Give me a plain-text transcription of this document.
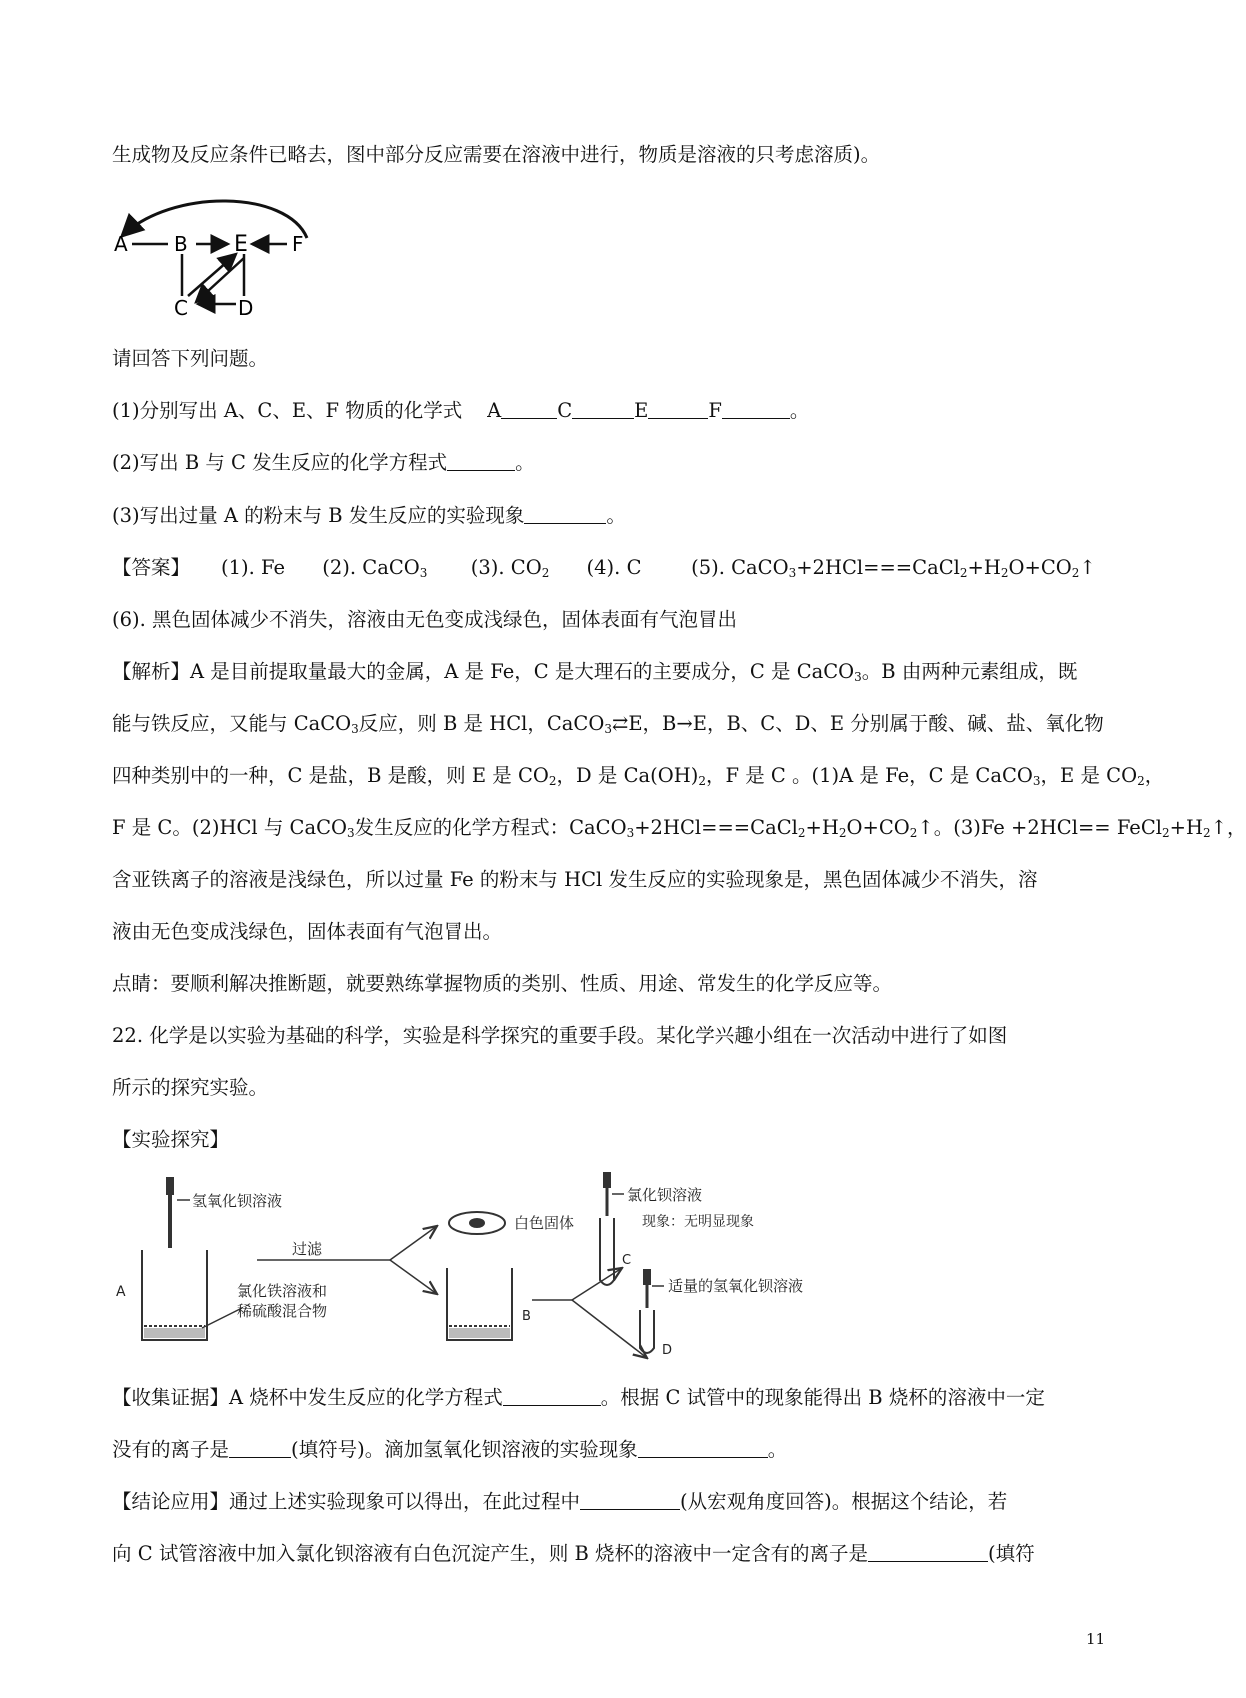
生成物及反应条件已略去，图中部分反应需要在溶液中进行，物质是溶液的只考虑溶质)。
A B E F
C	D
请回答下列问题。
(1)分别写出 A、C、E、F 物质的化学式 A	C	E	F	。
(2)写出 B 与 C 发生反应的化学方程式	。
(3)写出过量 A 的粉末与 B 发生反应的实验现象	。
【答案】 (1). Fe (2). CaCO$_3$ (3). $CO_2$ (4). C	(5). $CaCO_3+2HCl===CaCl_2+H_2O+CO_2↑$
(6). 黑色固体减少不消失，溶液由无色变成浅绿色，固体表面有气泡冒出
【解析】A 是目前提取量最大的金属，A 是 Fe，C 是大理石的主要成分，C 是 CaCO$_3$。B 由两种元素组成，既
能与铁反应，又能与 CaCO$_3$反应，则 B 是 HCl，CaCO$_3$⇄E，B→E，B、C、D、E 分别属于酸、碱、盐、氧化物
四种类别中的一种，C 是盐，B 是酸，则 E 是 $CO_2$，D 是 $Ca(OH)_2$，F 是 C 。(1)A 是 Fe，C 是 CaCO$_3$，E 是 $CO_2$，
F 是 C。(2)HCl 与 CaCO$_3$发生反应的化学方程式：$CaCO_3+2HCl===CaCl_2+H_2O+CO_2↑$。$(3)Fe +2HCl== FeCl_2+H_2↑$，
含亚铁离子的溶液是浅绿色，所以过量 Fe 的粉末与 HCl 发生反应的实验现象是，黑色固体减少不消失，溶
液由无色变成浅绿色，固体表面有气泡冒出。
点睛：要顺利解决推断题，就要熟练掌握物质的类别、性质、用途、常发生的化学反应等。
22. 化学是以实验为基础的科学，实验是科学探究的重要手段。某化学兴趣小组在一次活动中进行了如图
所示的探究实验。
【实验探究】
氢氧化钡溶液
过滤
氯化铁溶液和
稀硫酸混合物
A
白色固体
B
氯化钡溶液
现象：无明显现象
C
适量的氢氧化钡溶液
D
【收集证据】A 烧杯中发生反应的化学方程式	。根据 C 试管中的现象能得出 B 烧杯的溶液中一定
没有的离子是	(填符号)。滴加氢氧化钡溶液的实验现象	。
【结论应用】通过上述实验现象可以得出，在此过程中	(从宏观角度回答)。根据这个结论，若
向 C 试管溶液中加入氯化钡溶液有白色沉淀产生，则 B 烧杯的溶液中一定含有的离子是	(填符
11
